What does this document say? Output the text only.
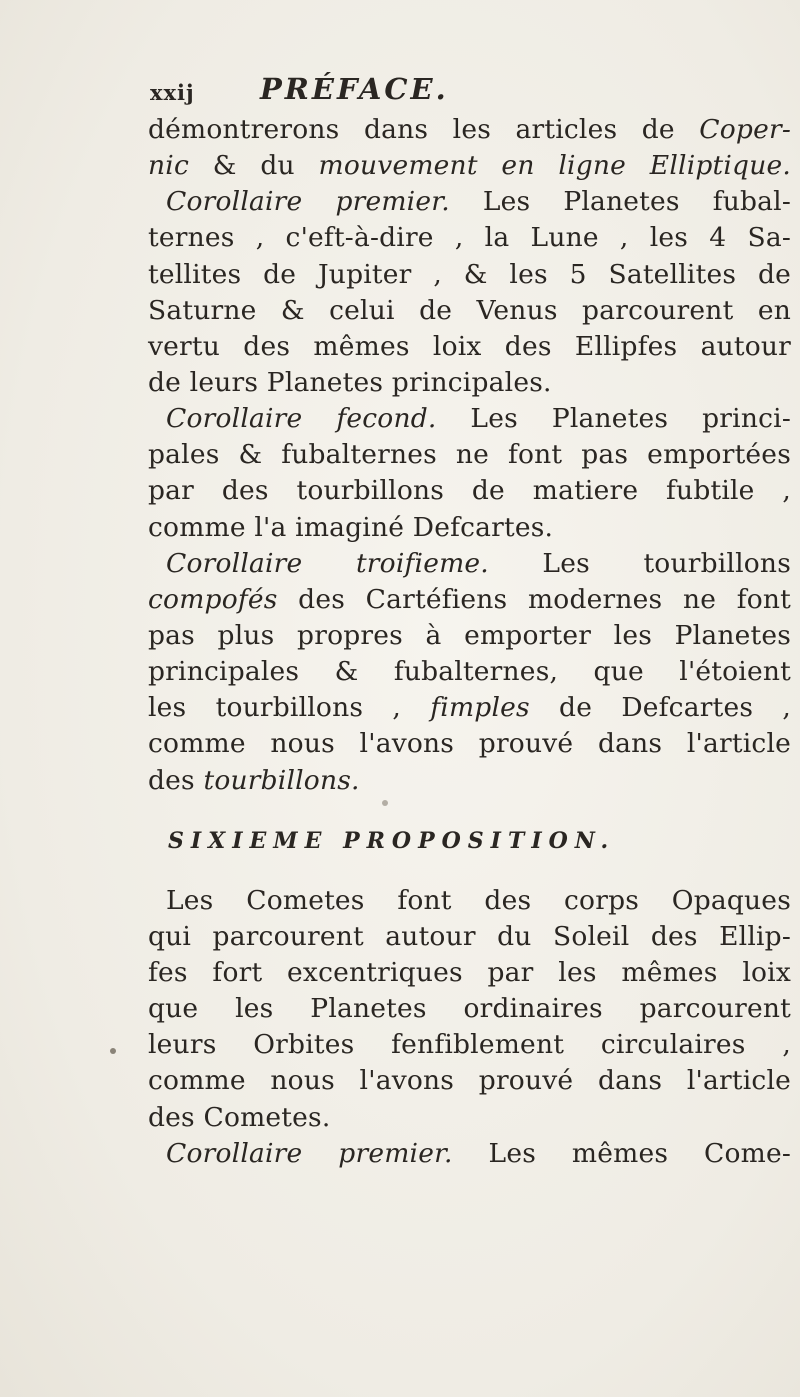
xxij PRÉFACE.
démontrerons dans les articles de Coper-
nic & du mouvement en ligne Elliptique.
Corollaire premier. Les Planetes fubal-
ternes , c'eft-à-dire , la Lune , les 4 Sa-
tellites de Jupiter , & les 5 Satellites de
Saturne & celui de Venus parcourent en
vertu des mêmes loix des Ellipfes autour
de leurs Planetes principales.
Corollaire fecond. Les Planetes princi-
pales & fubalternes ne font pas emportées
par des tourbillons de matiere fubtile ,
comme l'a imaginé Defcartes.
Corollaire troifieme. Les tourbillons
compofés des Cartéfiens modernes ne font
pas plus propres à emporter les Planetes
principales & fubalternes, que l'étoient
les tourbillons , fimples de Defcartes ,
comme nous l'avons prouvé dans l'article
des tourbillons.
SIXIEME PROPOSITION.
Les Cometes font des corps Opaques
qui parcourent autour du Soleil des Ellip-
fes fort excentriques par les mêmes loix
que les Planetes ordinaires parcourent
leurs Orbites fenfiblement circulaires ,
comme nous l'avons prouvé dans l'article
des Cometes.
Corollaire premier. Les mêmes Come-
